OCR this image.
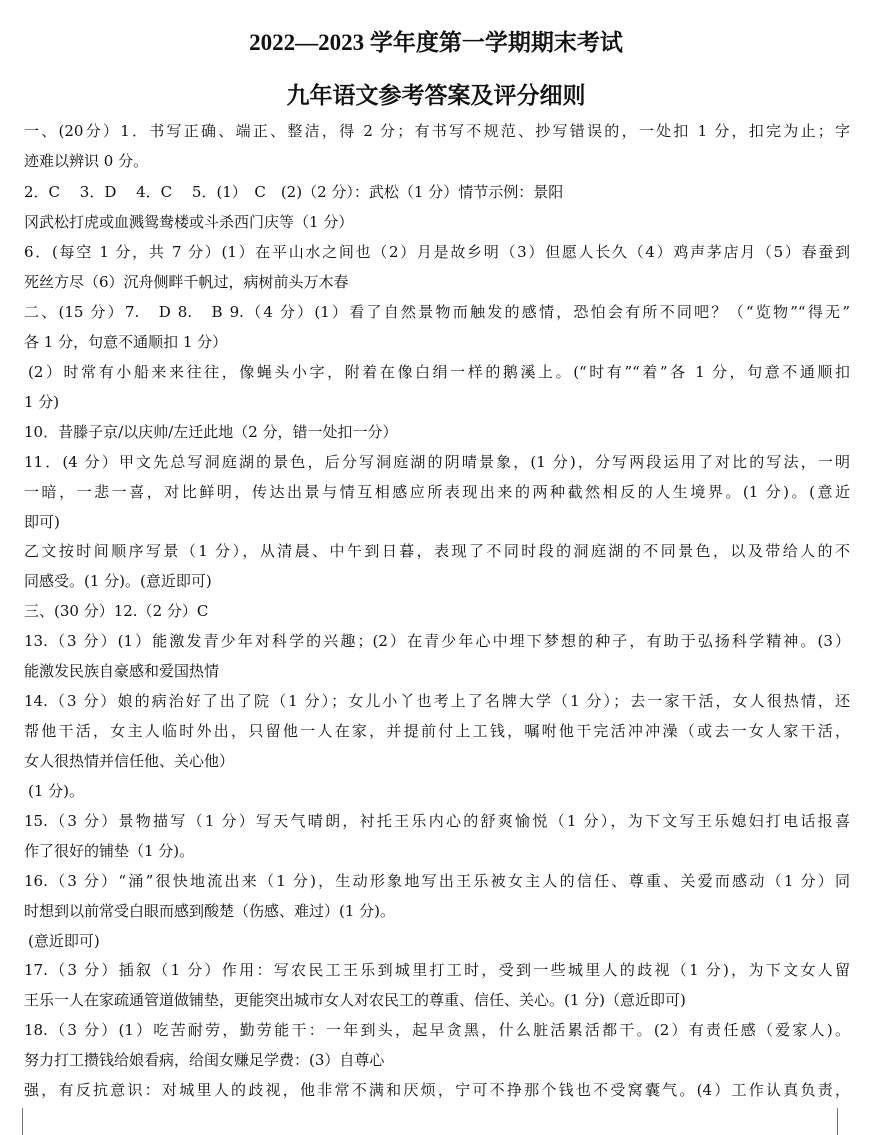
2022—2023 学年度第一学期期末考试
九年语文参考答案及评分细则
一、(20分）1．书写正确、端正、整洁，得 2 分；有书写不规范、抄写错误的，一处扣 1 分，扣完为止；字
迹难以辨识 0 分。
2．C　 3．D　 4．C　 5．(1）　C　(2)（2 分）：武松（1 分）情节示例：景阳
冈武松打虎或血溅鸳鸯楼或斗杀西门庆等（1 分）
6．(每空 1 分，共 7 分）(1）在平山水之间也（2）月是故乡明（3）但愿人长久（4）鸡声茅店月（5）春蚕到
死丝方尽（6）沉舟侧畔千帆过，病树前头万木春
二、(15 分）7.　D 8.　B 9.（4 分）(1）看了自然景物而触发的感情，恐怕会有所不同吧？（“览物”“得无”
各 1 分，句意不通顺扣 1 分）
(2）时常有小船来来往往，像蝇头小字，附着在像白绢一样的鹅溪上。(“时有”“着”各 1 分，句意不通顺扣
1 分)
10．昔滕子京/以庆帅/左迁此地（2 分，错一处扣一分）
11．(4 分）甲文先总写洞庭湖的景色，后分写洞庭湖的阴晴景象，(1 分)，分写两段运用了对比的写法，一明
一暗，一悲一喜，对比鲜明，传达出景与情互相感应所表现出来的两种截然相反的人生境界。(1 分)。(意近
即可)
乙文按时间顺序写景（1 分），从清晨、中午到日暮，表现了不同时段的洞庭湖的不同景色，以及带给人的不
同感受。(1 分)。(意近即可)
三、(30 分）12.（2 分）C
13.（3 分）(1）能激发青少年对科学的兴趣；(2）在青少年心中埋下梦想的种子，有助于弘扬科学精神。(3）
能激发民族自豪感和爱国热情
14.（3 分）娘的病治好了出了院（1 分）；女儿小丫也考上了名牌大学（1 分）；去一家干活，女人很热情，还
帮他干活，女主人临时外出，只留他一人在家，并提前付上工钱，嘱咐他干完活冲冲澡（或去一女人家干活，
女人很热情并信任他、关心他）
(1 分)。
15.（3 分）景物描写（1 分）写天气晴朗，衬托王乐内心的舒爽愉悦（1 分），为下文写王乐媳妇打电话报喜
作了很好的铺垫（1 分)。
16.（3 分）“涌”很快地流出来（1 分)，生动形象地写出王乐被女主人的信任、尊重、关爱而感动（1 分）同
时想到以前常受白眼而感到酸楚（伤感、难过）(1 分)。
(意近即可)
17.（3 分）插叙（1 分）作用：写农民工王乐到城里打工时，受到一些城里人的歧视（1 分)，为下文女人留
王乐一人在家疏通管道做铺垫，更能突出城市女人对农民工的尊重、信任、关心。(1 分)（意近即可)
18.（3 分）(1）吃苦耐劳，勤劳能干：一年到头，起早贪黑，什么脏活累活都干。(2）有责任感（爱家人)。
努力打工攒钱给娘看病，给闺女赚足学费：(3）自尊心
强，有反抗意识：对城里人的歧视，他非常不满和厌烦，宁可不挣那个钱也不受窝囊气。(4）工作认真负责，
